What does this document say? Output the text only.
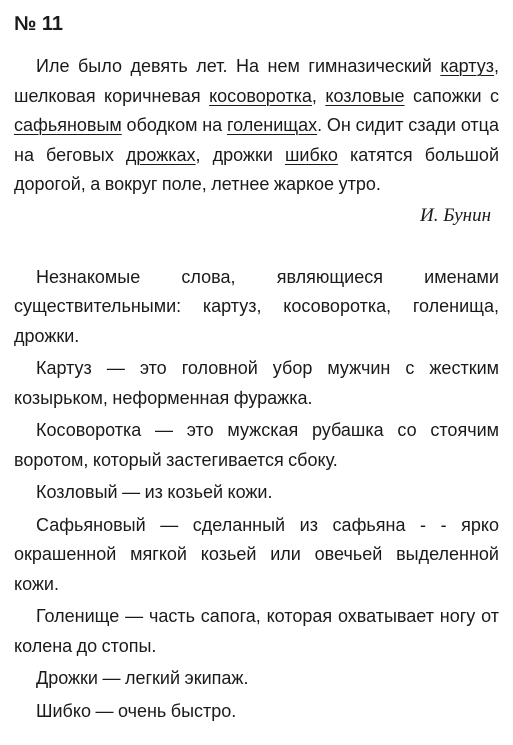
№ 11

Иле было девять лет. На нем гимназический картуз, шелковая коричневая косоворотка, козловые сапожки с сафьяновым ободком на голенищах. Он сидит сзади отца на беговых дрожках, дрожки шибко катятся большой дорогой, а вокруг поле, летнее жаркое утро.

И. Бунин

Незнакомые слова, являющиеся именами существительными: картуз, косоворотка, голенища, дрожки.

Картуз — это головной убор мужчин с жестким козырьком, неформенная фуражка.

Косоворотка — это мужская рубашка со стоячим воротом, который застегивается сбоку.

Козловый — из козьей кожи.

Сафьяновый — сделанный из сафьяна - - ярко окрашенной мягкой козьей или овечьей выделенной кожи.

Голенище — часть сапога, которая охватывает ногу от колена до стопы.

Дрожки — легкий экипаж.

Шибко — очень быстро.
